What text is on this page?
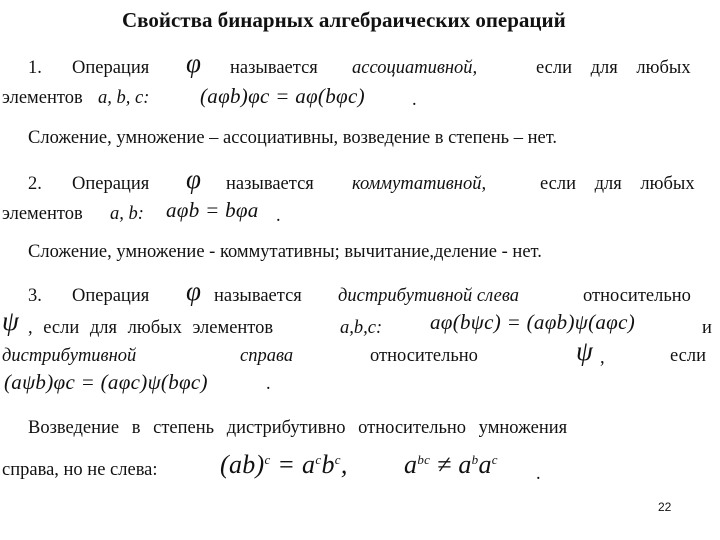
Свойства бинарных алгебраических операций
1. Операция φ называется ассоциативной,	если для любых
элементов a, b, c: (aφb)φc = aφ(bφc)	.
Сложение, умножение – ассоциативны, возведение в степень – нет.
2. Операция φ называется коммутативной,	если для любых
элементов a, b: aφb = bφa .
Сложение, умножение - коммутативны; вычитание,деление - нет.
3. Операция φ называется дистрибутивной слева	относительно
ψ , если для любых элементов	a,b,c: aφ(bψc) = (aφb)ψ(aφc)	и
дистрибутивной	справа	относительно	ψ ,	если
(aψb)φc = (aφc)ψ(bφc)	.
Возведение в степень дистрибутивно относительно умножения
справа, но не слева: $(ab)^c = a^cb^c$, $a^{bc} \ne a^ba^c$
.
22
